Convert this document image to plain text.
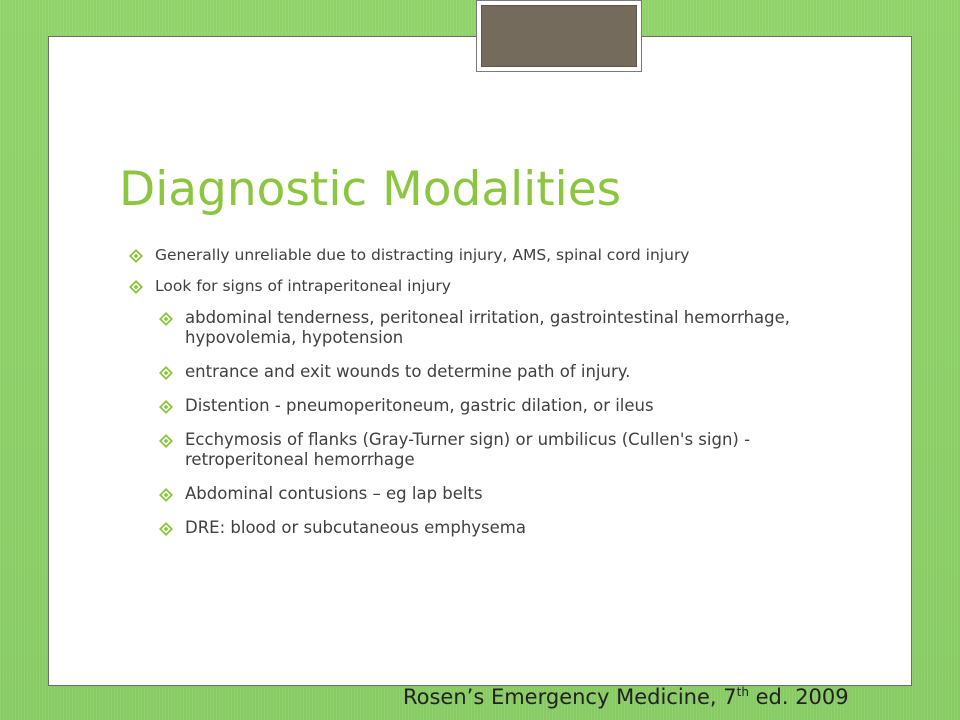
Diagnostic Modalities
Generally unreliable due to distracting injury, AMS, spinal cord injury
Look for signs of intraperitoneal injury
abdominal tenderness, peritoneal irritation, gastrointestinal hemorrhage, hypovolemia, hypotension
entrance and exit wounds to determine path of injury.
Distention - pneumoperitoneum, gastric dilation, or ileus
Ecchymosis of flanks (Gray-Turner sign) or umbilicus (Cullen's sign) - retroperitoneal hemorrhage
Abdominal contusions – eg lap belts
DRE: blood or subcutaneous emphysema
Rosen’s Emergency Medicine, 7th ed. 2009
